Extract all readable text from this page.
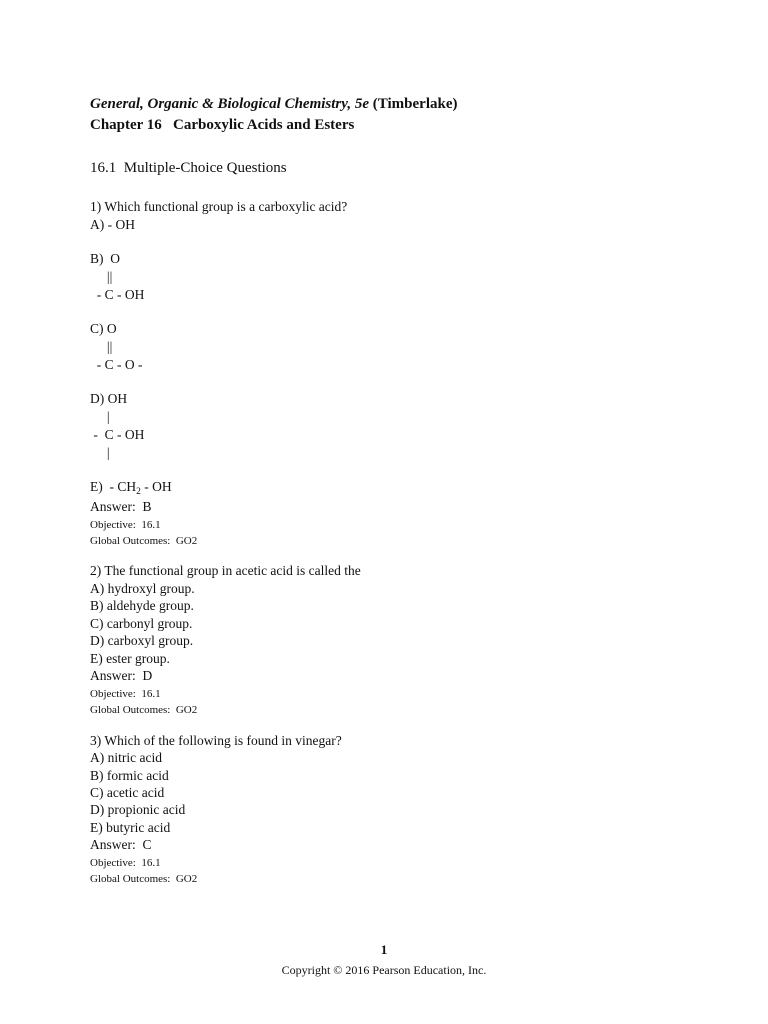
General, Organic & Biological Chemistry, 5e (Timberlake)
Chapter 16   Carboxylic Acids and Esters
16.1  Multiple-Choice Questions
1) Which functional group is a carboxylic acid?
A) - OH
B)  O
||
- C - OH
C) O
||
- C - O -
D) OH
|
-  C - OH
|
$E) - CH_2$ - OH
Answer:  B
Objective:  16.1
Global Outcomes:  GO2
2) The functional group in acetic acid is called the
A) hydroxyl group.
B) aldehyde group.
C) carbonyl group.
D) carboxyl group.
E) ester group.
Answer:  D
Objective:  16.1
Global Outcomes:  GO2
3) Which of the following is found in vinegar?
A) nitric acid
B) formic acid
C) acetic acid
D) propionic acid
E) butyric acid
Answer:  C
Objective:  16.1
Global Outcomes:  GO2
1
Copyright © 2016 Pearson Education, Inc.
